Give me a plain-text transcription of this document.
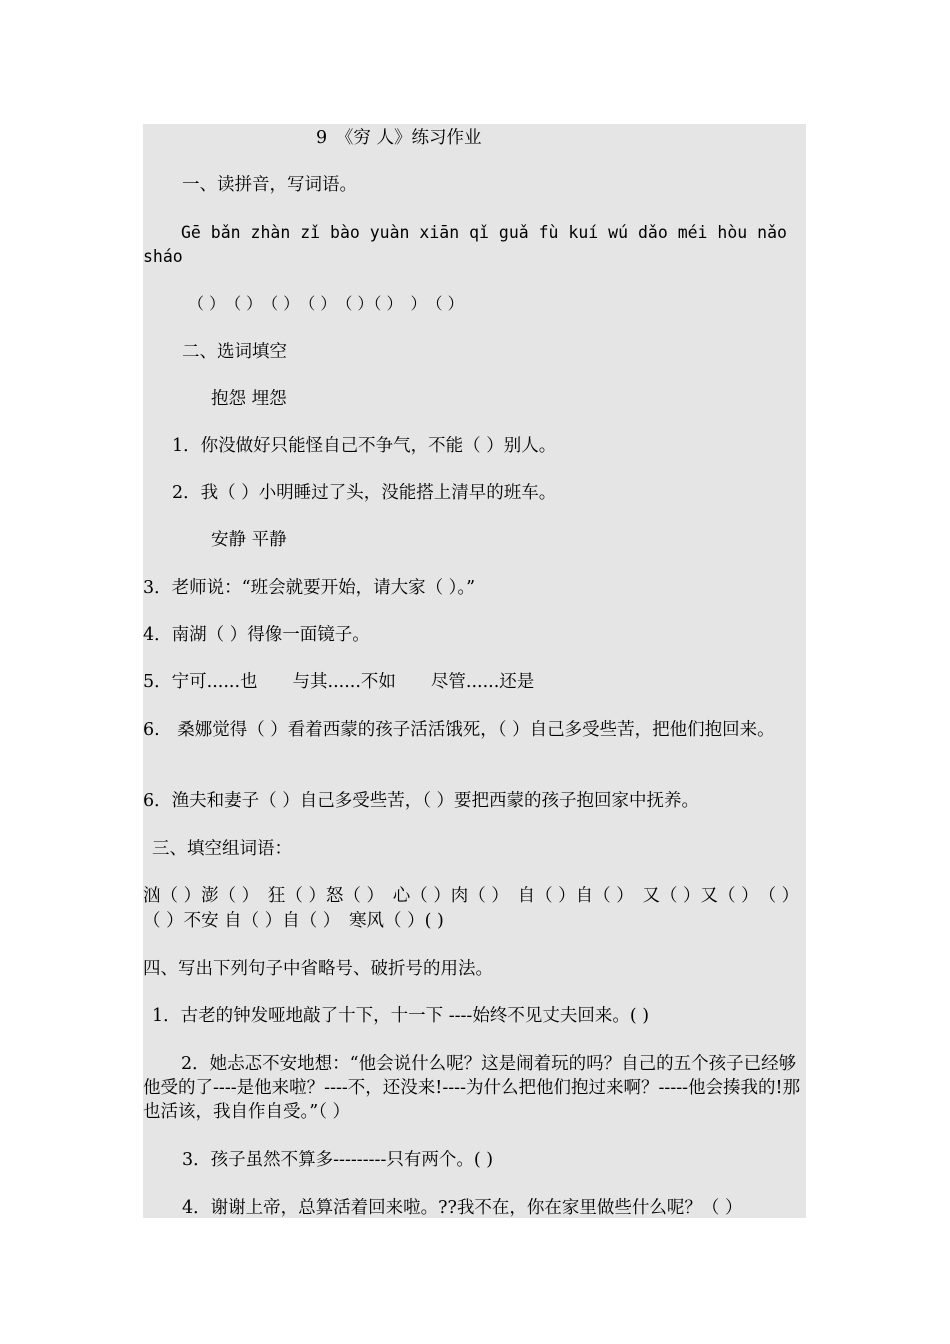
9　《穷 人》练习作业

一、读拼音，写词语。

Gē bǎn zhàn zǐ bào yuàn xiān qǐ guǎ fù kuí wú dǎo méi hòu nǎo sháo

（ ）　（ ）　（ ）　（ ）　（ ）（ ）　）　（ ）

二、选词填空

抱怨 埋怨

1．你没做好只能怪自己不争气，不能（ ）别人。

2．我（ ）小明睡过了头，没能搭上清早的班车。

安静 平静

3．老师说：“班会就要开始，请大家（ ）。”

4．南湖（ ）得像一面镜子。

5．宁可......也　　与其......不如　　尽管......还是

6.　桑娜觉得（ ）看着西蒙的孩子活活饿死，（ ）自己多受些苦，把他们抱回来。

6．渔夫和妻子（ ）自己多受些苦，（ ）要把西蒙的孩子抱回家中抚养。

三、填空组词语：

汹（ ）澎（ ）　狂（ ）怒（ ）　心（ ）肉（ ）　自（ ）自（ ）　又（ ）又（ ）　（ ）（ ）不安 自（ ）自（ ）　寒风（ ）( )

四、写出下列句子中省略号、破折号的用法。

1．古老的钟发哑地敲了十下，十一下 ----始终不见丈夫回来。( )

2．她忐忑不安地想：“他会说什么呢？这是闹着玩的吗？自己的五个孩子已经够他受的了----是他来啦？----不，还没来!----为什么把他们抱过来啊？-----他会揍我的!那 也活该，我自作自受。”（ ）

3．孩子虽然不算多---------只有两个。( )

4．谢谢上帝，总算活着回来啦。??我不在，你在家里做些什么呢？（ ）
